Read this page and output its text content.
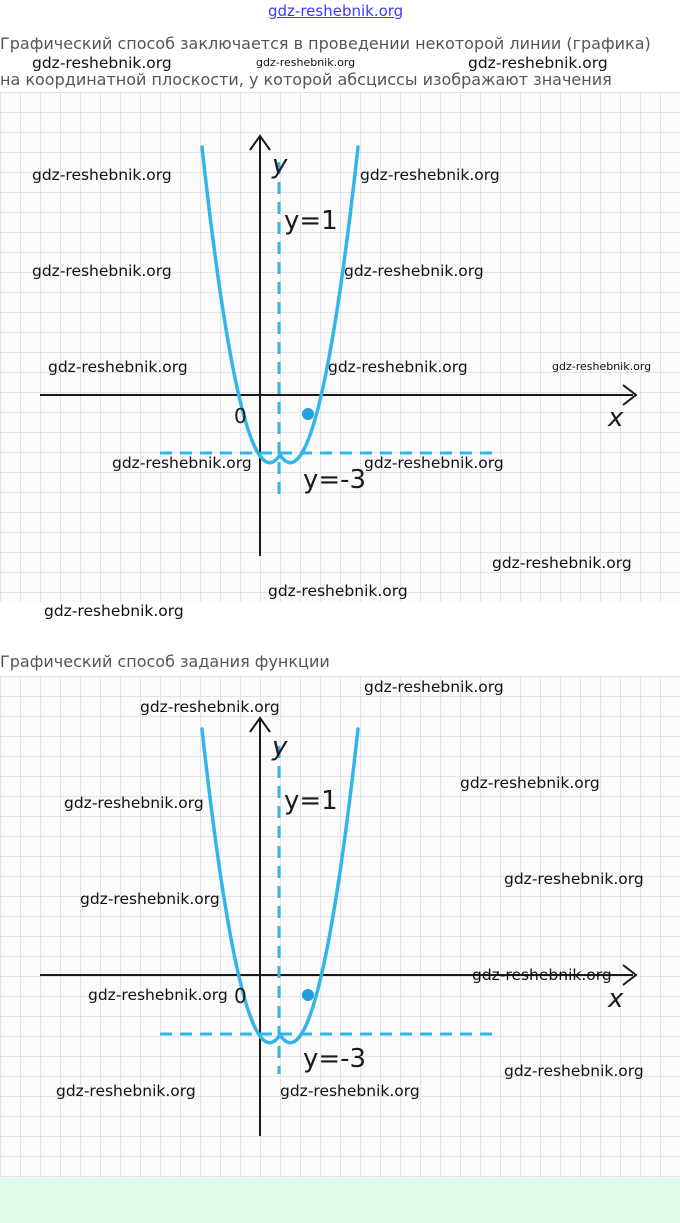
gdz-reshebnik.org
Графический способ заключается в проведении некоторой линии (графика)
y
x
0
y=1
y=-3
на координатной плоскости, у которой абсциссы изображают значения
Графический способ задания функции
y
x
0
y=1
y=-3
gdz-reshebnik.org	gdz-reshebnik.org	gdz-reshebnik.org
gdz-reshebnik.org	gdz-reshebnik.org
gdz-reshebnik.org	gdz-reshebnik.org
gdz-reshebnik.org	gdz-reshebnik.org	gdz-reshebnik.org
gdz-reshebnik.org	gdz-reshebnik.org
gdz-reshebnik.org
gdz-reshebnik.org
gdz-reshebnik.org
gdz-reshebnik.org
gdz-reshebnik.org
gdz-reshebnik.org
gdz-reshebnik.org
gdz-reshebnik.org
gdz-reshebnik.org
gdz-reshebnik.org
gdz-reshebnik.org
gdz-reshebnik.org
gdz-reshebnik.org	gdz-reshebnik.org
